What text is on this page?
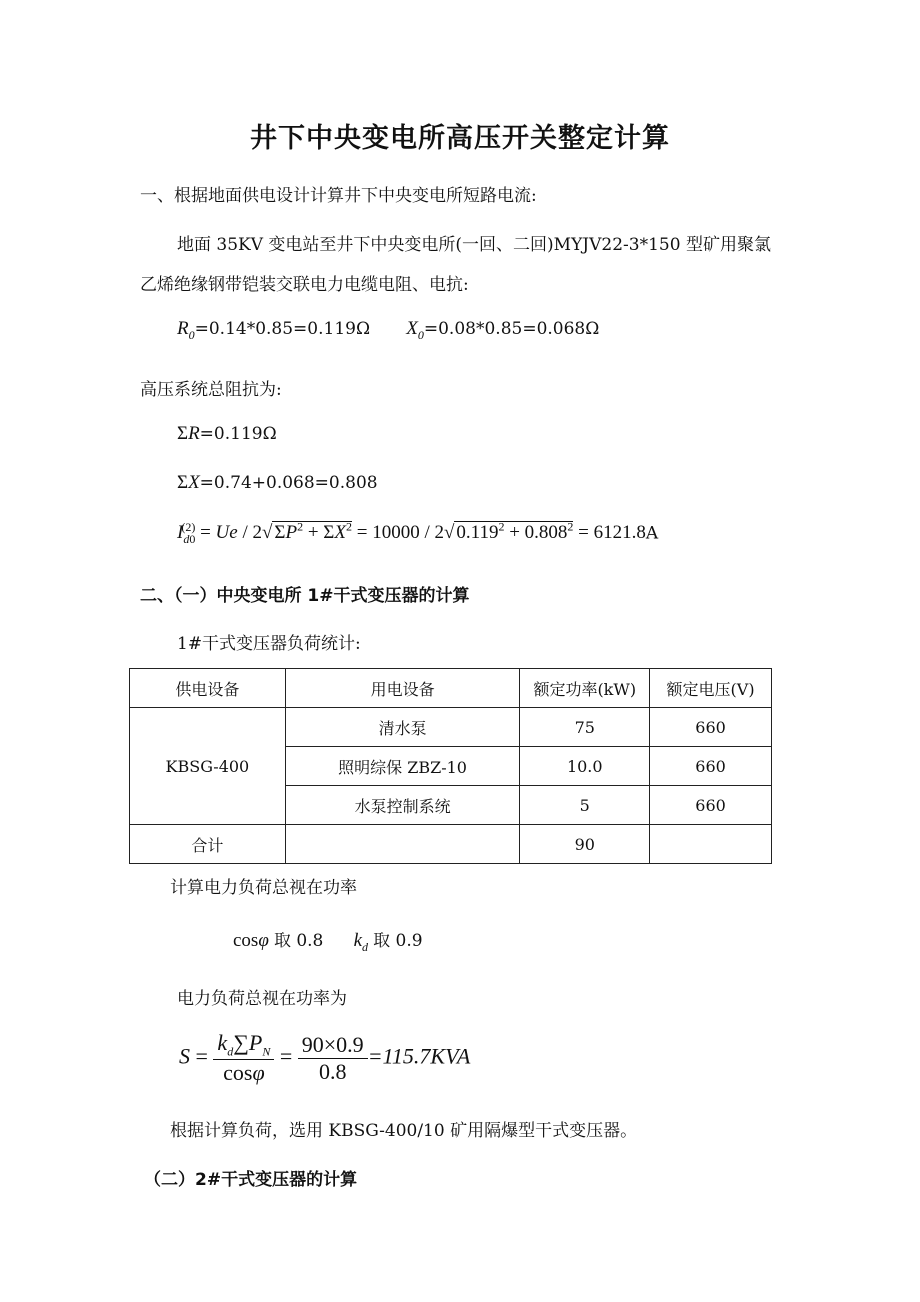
井下中央变电所高压开关整定计算
一、根据地面供电设计计算井下中央变电所短路电流:
地面 35KV 变电站至井下中央变电所(一回、二回)MYJV22-3*150 型矿用聚氯
乙烯绝缘钢带铠装交联电力电缆电阻、电抗:
$R_0=0.14*0.85=0.119\Omega$ $X_0=0.08*0.85=0.068\Omega$
高压系统总阻抗为:
ΣR=0.119Ω
ΣX=0.74+0.068=0.808
$I_{d0}^{(2)} = Ue / 2√$ $\Sigma P^2 + \Sigma X^2 = 10000 / 2√$ $0.119^2 + 0.808^2 = 6121.8A$
二、（一）中央变电所 1#干式变压器的计算
1#干式变压器负荷统计:
供电设备	用电设备	额定功率(kW)	额定电压(V)
KBSG-400	清水泵	75	660
	照明综保 ZBZ-10	10.0	660
	水泵控制系统	5	660
合计		90	
计算电力负荷总视在功率
cosφ 取 0.8 $k_d$ 取 0.9
电力负荷总视在功率为
$S = \frac{k_d\sum P_N}{\cos\varphi} = \frac{90\times 0.9}{0.8} =115.7KVA$
根据计算负荷，选用 KBSG-400/10 矿用隔爆型干式变压器。
（二）2#干式变压器的计算
